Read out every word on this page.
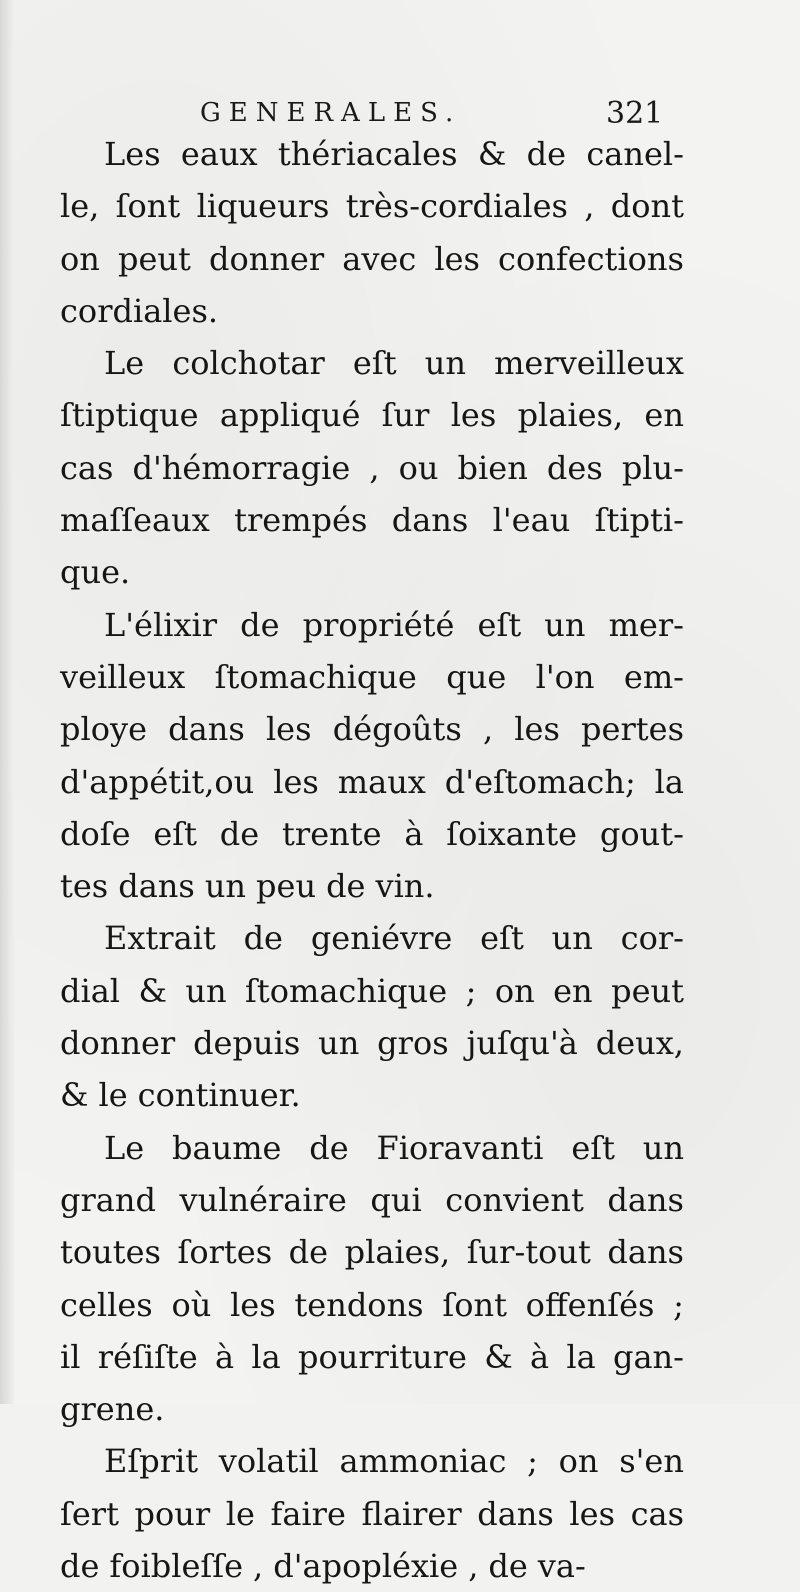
GENERALES.	321
Les eaux thériacales & de canel-
le, ſont liqueurs très-cordiales , dont
on peut donner avec les confections
cordiales.
Le colchotar eſt un merveilleux
ſtiptique appliqué ſur les plaies, en
cas d'hémorragie , ou bien des plu-
maſſeaux trempés dans l'eau ſtipti-
que.
L'élixir de propriété eſt un mer-
veilleux ſtomachique que l'on em-
ploye dans les dégoûts , les pertes
d'appétit,ou les maux d'eſtomach; la
doſe eſt de trente à ſoixante gout-
tes dans un peu de vin.
Extrait de geniévre eſt un cor-
dial & un ſtomachique ; on en peut
donner depuis un gros juſqu'à deux,
& le continuer.
Le baume de Fioravanti eſt un
grand vulnéraire qui convient dans
toutes ſortes de plaies, ſur-tout dans
celles où les tendons ſont offenſés ;
il réſiſte à la pourriture & à la gan-
grene.
Eſprit volatil ammoniac ; on s'en
ſert pour le faire flairer dans les cas
de foibleſſe , d'apopléxie , de va-
